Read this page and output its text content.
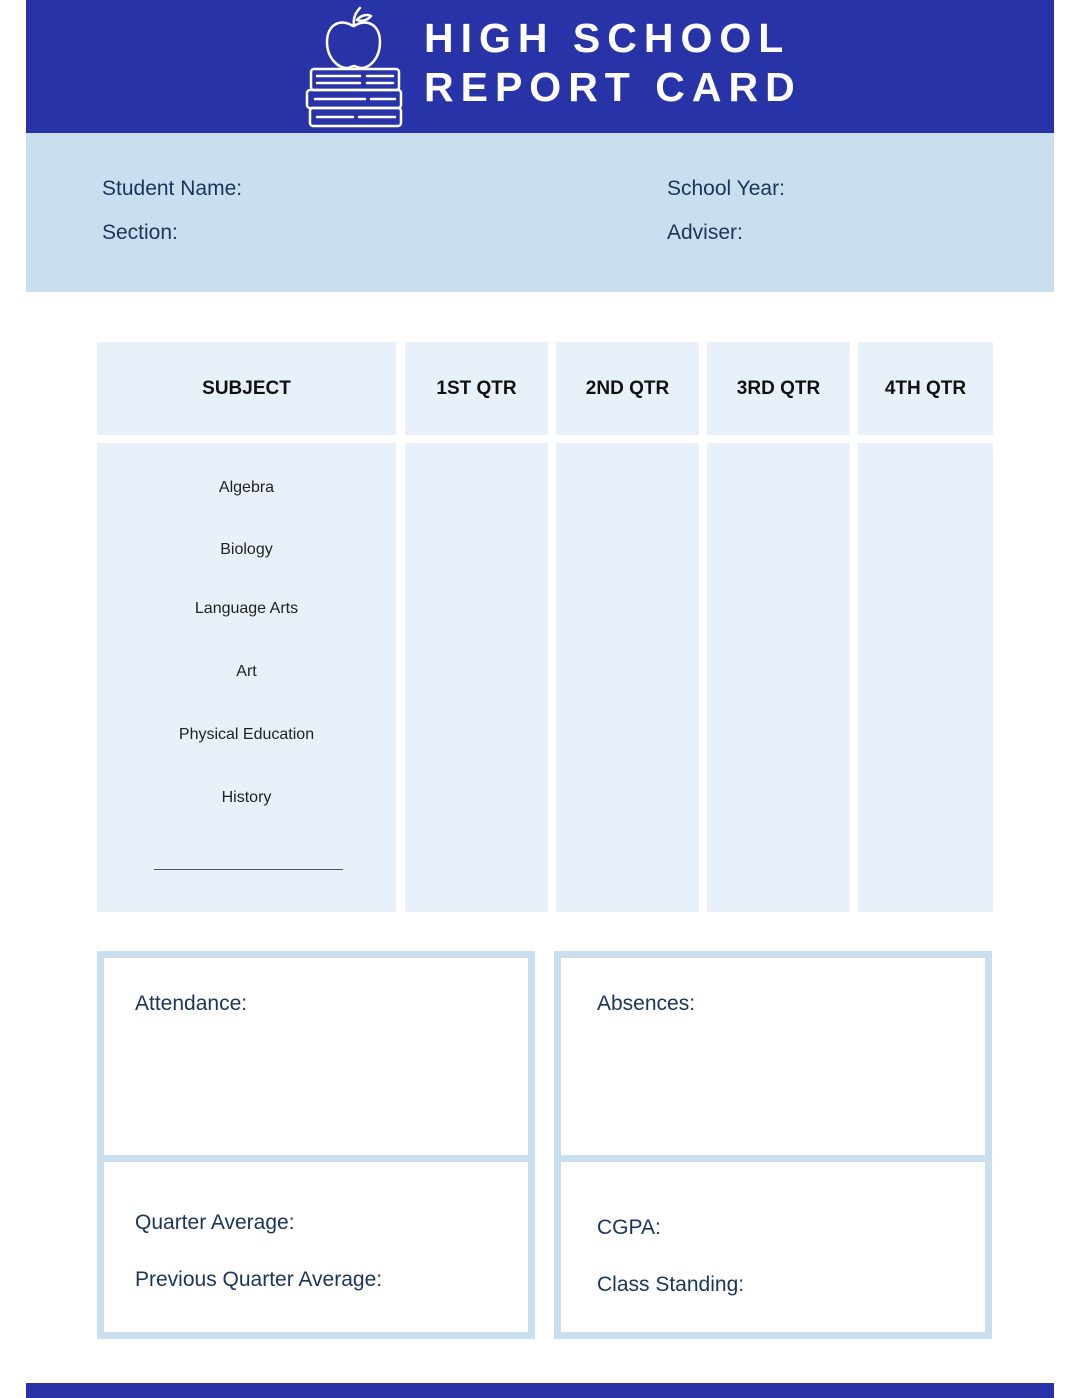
HIGH SCHOOL
REPORT CARD
Student Name:
Section:
School Year:
Adviser:
SUBJECT	1ST QTR	2ND QTR	3RD QTR	4TH QTR
Algebra
Biology
Language Arts
Art
Physical Education
History
Attendance:
Quarter Average:
Previous Quarter Average:
Absences:
CGPA:
Class Standing:
